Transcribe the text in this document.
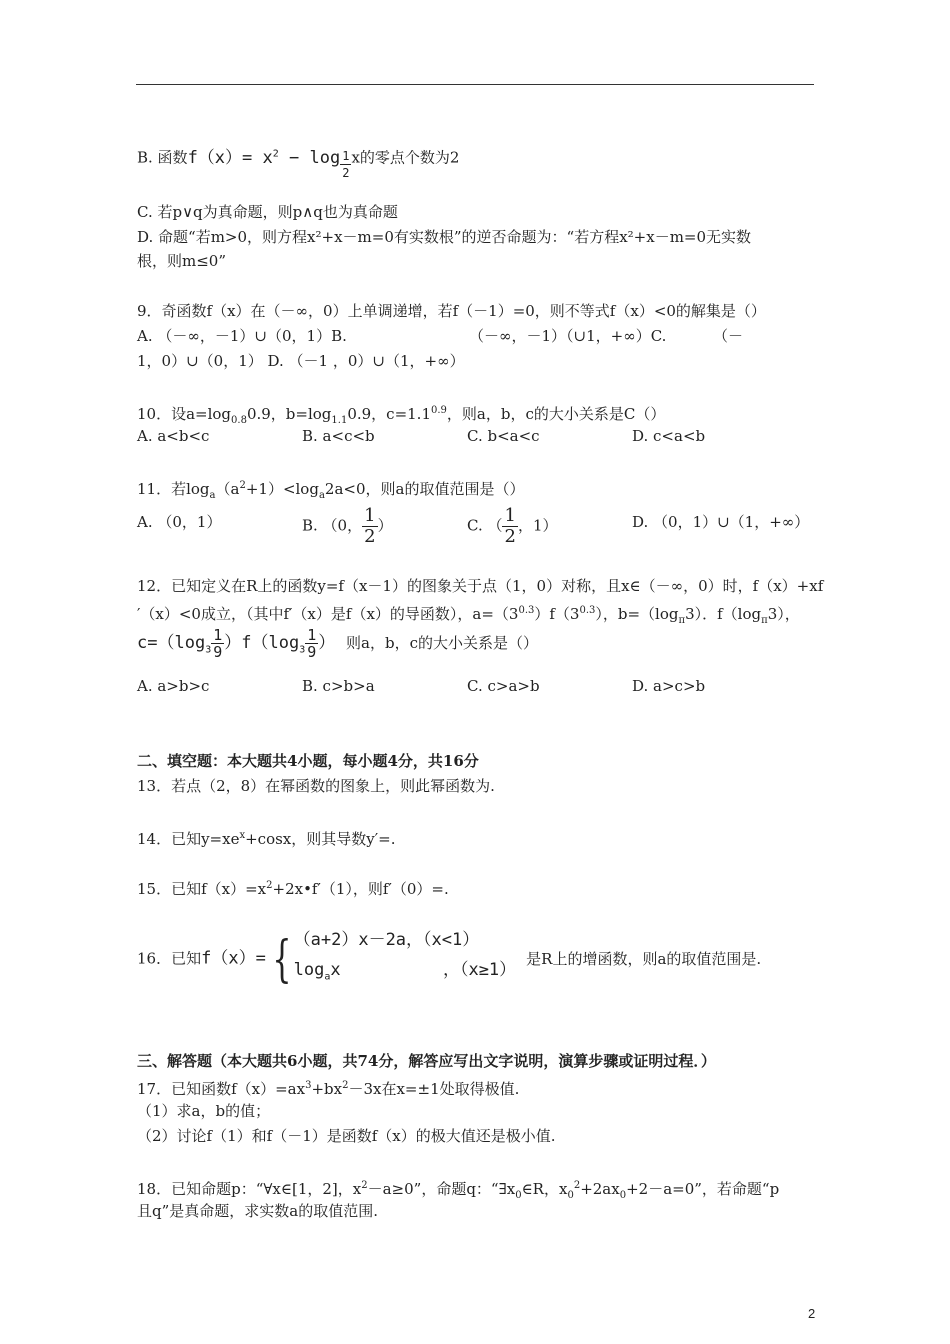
B. 函数$f(x)= x^2 - \log \frac{1}{2}$ x的零点个数为2
C. 若p∨q为真命题，则p∧q也为真命题
D. 命题“若m>0，则方程x²+x－m=0有实数根”的逆否命题为：“若方程x²+x－m=0无实数
根，则m≤0”
9．奇函数f（x）在（－∞，0）上单调递增，若f（－1）=0，则不等式f（x）<0的解集是（）
A. （－∞，－1）∪（0，1）B.	（－∞，－1）（∪1，+∞）C.	（－
1，0）∪（0，1） D. （－1 ，0）∪（1，+∞）
10．设$a=\log_{0.8}0.9$，$b=\log_{1.1}0.9$，$c=1.1^{0.9}$，则a，b，c的大小关系是C（）
A. a<b<c	B. a<c<b	C. b<a<c	D. c<a<b
11．若$\log_a(a^2+1)<\log_a2a<0$，则a的取值范围是（）
A. （0，1）	B. （0， $\frac{1}{2}$ ）	C. （ $\frac{1}{2}$ ，1）	D. （0，1）∪（1，+∞）
12．已知定义在R上的函数y=f（x－1）的图象关于点（1，0）对称，且x∈（－∞，0）时，f（x）+xf
′（x）<0成立，（其中f′（x）是f（x）的导函数），$a=(3^{0.3})f(3^{0.3})$，$b=(\log_\pi 3)$．$f(\log_\pi 3)$，
$c=(\log_3 \frac{1}{9} )f(\log_3 \frac{1}{9}$ ） 则a，b，c的大小关系是（）
A. a>b>c	B. c>b>a	C. c>a>b	D. a>c>b
二、填空题：本大题共4小题，每小题4分，共16分
13．若点（2，8）在幂函数的图象上，则此幂函数为.
14．已知$y=xe^x+\cos x$，则其导数y′=.
15．已知$f(x)=x^2+2x•f'(1)$，则f′（0）=.
16．已知f（x）= { （a+2）x－2a，（x<1）
$\log_ax$          ，（x≥1）
是R上的增函数，则a的取值范围是.
三、解答题（本大题共6小题，共74分，解答应写出文字说明，演算步骤或证明过程．）
17．已知函数$f(x)=ax^3+bx^2-3x$在x=±1处取得极值.
（1）求a，b的值；
（2）讨论f（1）和f（－1）是函数f（x）的极大值还是极小值.
18．已知命题p：“∀x∈[1，2]，$x^2-a\ge 0$”，命题q：“$\exists x_0\in R$，$x_0^2+2ax_0+2-a=0$”，若命题“p
且q”是真命题，求实数a的取值范围.
2
